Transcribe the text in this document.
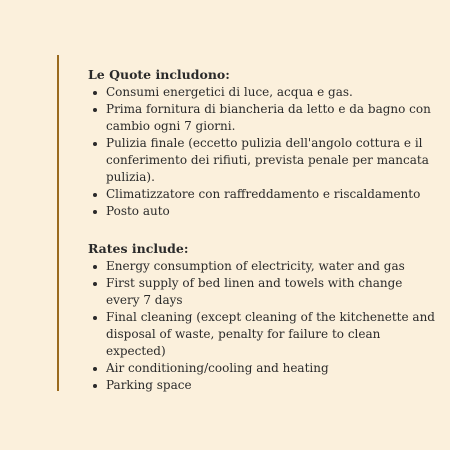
Le Quote includono:

Consumi energetici di luce, acqua e gas.
Prima fornitura di biancheria da letto e da bagno con cambio ogni 7 giorni.
Pulizia finale (eccetto pulizia dell'angolo cottura e il conferimento dei rifiuti, prevista penale per mancata pulizia).
Climatizzatore con raffreddamento e riscaldamento
Posto auto

Rates include:

Energy consumption of electricity, water and gas
First supply of bed linen and towels with change every 7 days
Final cleaning (except cleaning of the kitchenette and disposal of waste, penalty for failure to clean expected)
Air conditioning/cooling and heating
Parking space
